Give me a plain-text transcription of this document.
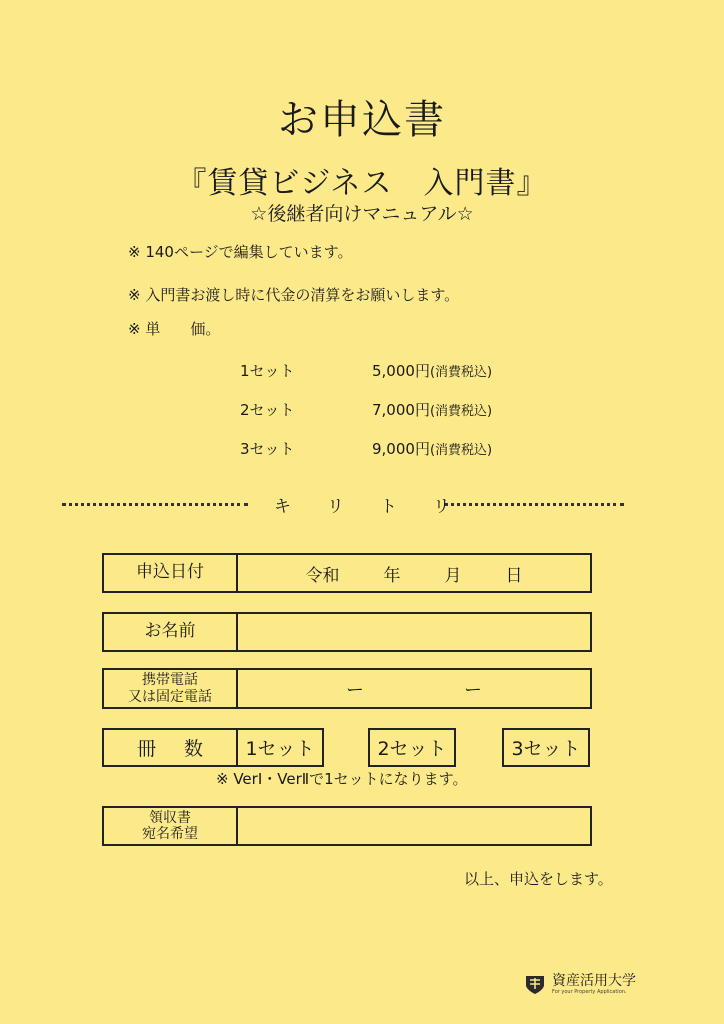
お申込書
『賃貸ビジネス　入門書』
☆後継者向けマニュアル☆
※ 140ページで編集しています。
※ 入門書お渡し時に代金の清算をお願いします。
※ 単　　価。
1セット	5,000円(消費税込)
2セット	7,000円(消費税込)
3セット	9,000円(消費税込)
キ リ ト リ
申込日付	令和	年	月	日
お名前
携帯電話
又は固定電話	ー	ー
冊 数	1セット	2セット	3セット
※ VerⅠ・VerⅡで1セットになります。
領収書
宛名希望
以上、申込をします。
資産活用大学
For your Property Application.
